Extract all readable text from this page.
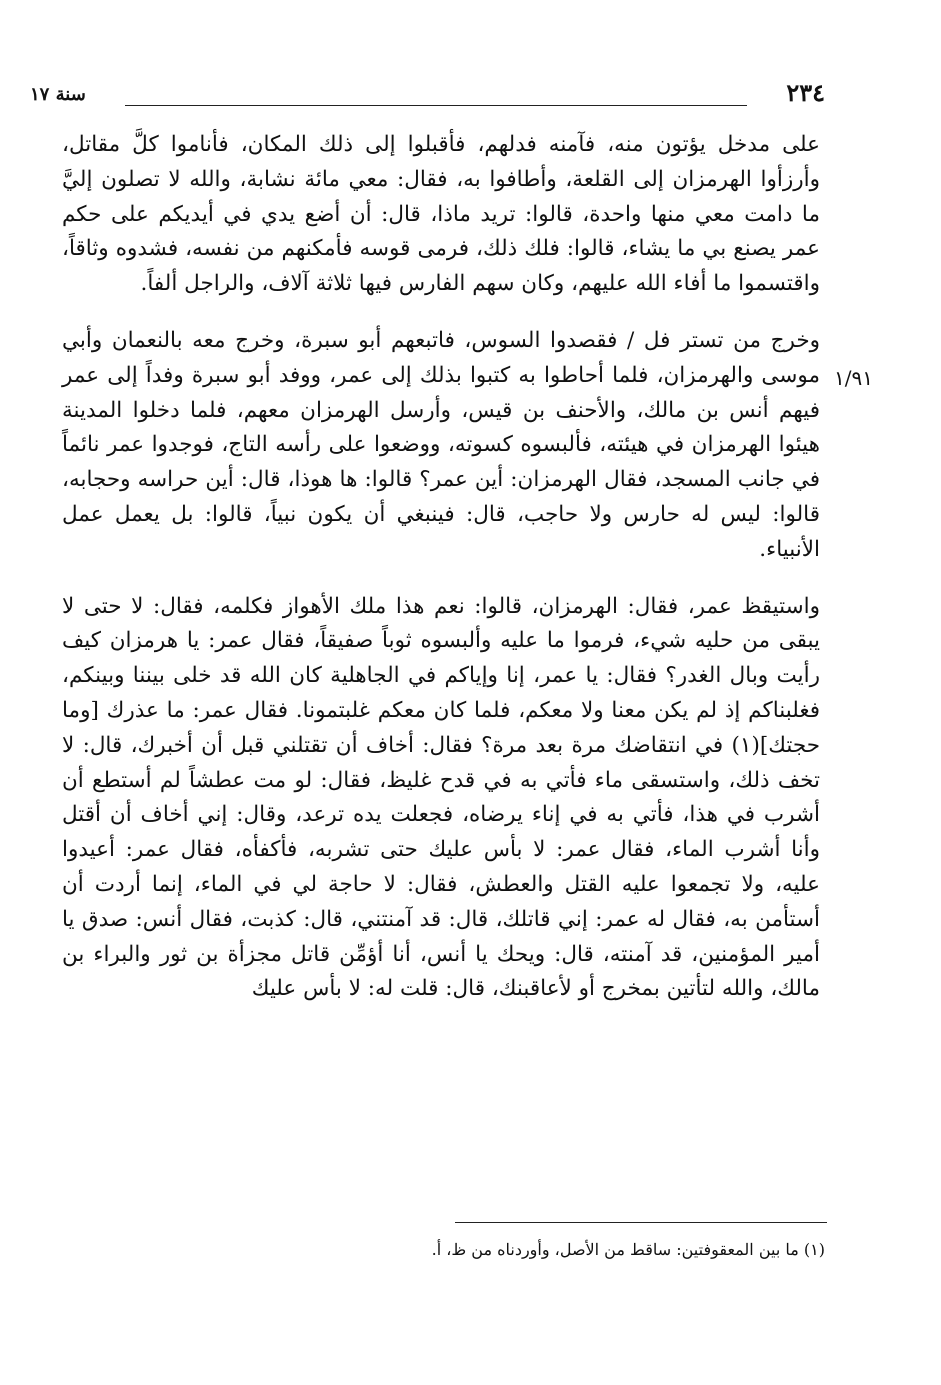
٢٣٤
سنة ١٧
١/٩١

على مدخل يؤتون منه، فآمنه فدلهم، فأقبلوا إلى ذلك المكان، فأناموا كلَّ مقاتل، وأرزأوا الهرمزان إلى القلعة، وأطافوا به، فقال: معي مائة نشابة، والله لا تصلون إليَّ ما دامت معي منها واحدة، قالوا: تريد ماذا، قال: أن أضع يدي في أيديكم على حكم عمر يصنع بي ما يشاء، قالوا: فلك ذلك، فرمى قوسه فأمكنهم من نفسه، فشدوه وثاقاً، واقتسموا ما أفاء الله عليهم، وكان سهم الفارس فيها ثلاثة آلاف، والراجل ألفاً.

وخرج من تستر فل / فقصدوا السوس، فاتبعهم أبو سبرة، وخرج معه بالنعمان وأبي موسى والهرمزان، فلما أحاطوا به كتبوا بذلك إلى عمر، ووفد أبو سبرة وفداً إلى عمر فيهم أنس بن مالك، والأحنف بن قيس، وأرسل الهرمزان معهم، فلما دخلوا المدينة هيئوا الهرمزان في هيئته، فألبسوه كسوته، ووضعوا على رأسه التاج، فوجدوا عمر نائماً في جانب المسجد، فقال الهرمزان: أين عمر؟ قالوا: ها هوذا، قال: أين حراسه وحجابه، قالوا: ليس له حارس ولا حاجب، قال: فينبغي أن يكون نبياً، قالوا: بل يعمل عمل الأنبياء.

واستيقظ عمر، فقال: الهرمزان، قالوا: نعم هذا ملك الأهواز فكلمه، فقال: لا حتى لا يبقى من حليه شيء، فرموا ما عليه وألبسوه ثوباً صفيقاً، فقال عمر: يا هرمزان كيف رأيت وبال الغدر؟ فقال: يا عمر، إنا وإياكم في الجاهلية كان الله قد خلى بيننا وبينكم، فغلبناكم إذ لم يكن معنا ولا معكم، فلما كان معكم غلبتمونا. فقال عمر: ما عذرك [وما حجتك](١) في انتقاضك مرة بعد مرة؟ فقال: أخاف أن تقتلني قبل أن أخبرك، قال: لا تخف ذلك، واستسقى ماء فأتي به في قدح غليظ، فقال: لو مت عطشاً لم أستطع أن أشرب في هذا، فأتي به في إناء يرضاه، فجعلت يده ترعد، وقال: إني أخاف أن أقتل وأنا أشرب الماء، فقال عمر: لا بأس عليك حتى تشربه، فأكفأه، فقال عمر: أعيدوا عليه، ولا تجمعوا عليه القتل والعطش، فقال: لا حاجة لي في الماء، إنما أردت أن أستأمن به، فقال له عمر: إني قاتلك، قال: قد آمنتني، قال: كذبت، فقال أنس: صدق يا أمير المؤمنين، قد آمنته، قال: ويحك يا أنس، أنا أؤمِّن قاتل مجزأة بن ثور والبراء بن مالك، والله لتأتين بمخرج أو لأعاقبنك، قال: قلت له: لا بأس عليك

(١) ما بين المعقوفتين: ساقط من الأصل، وأوردناه من ظ، أ.
